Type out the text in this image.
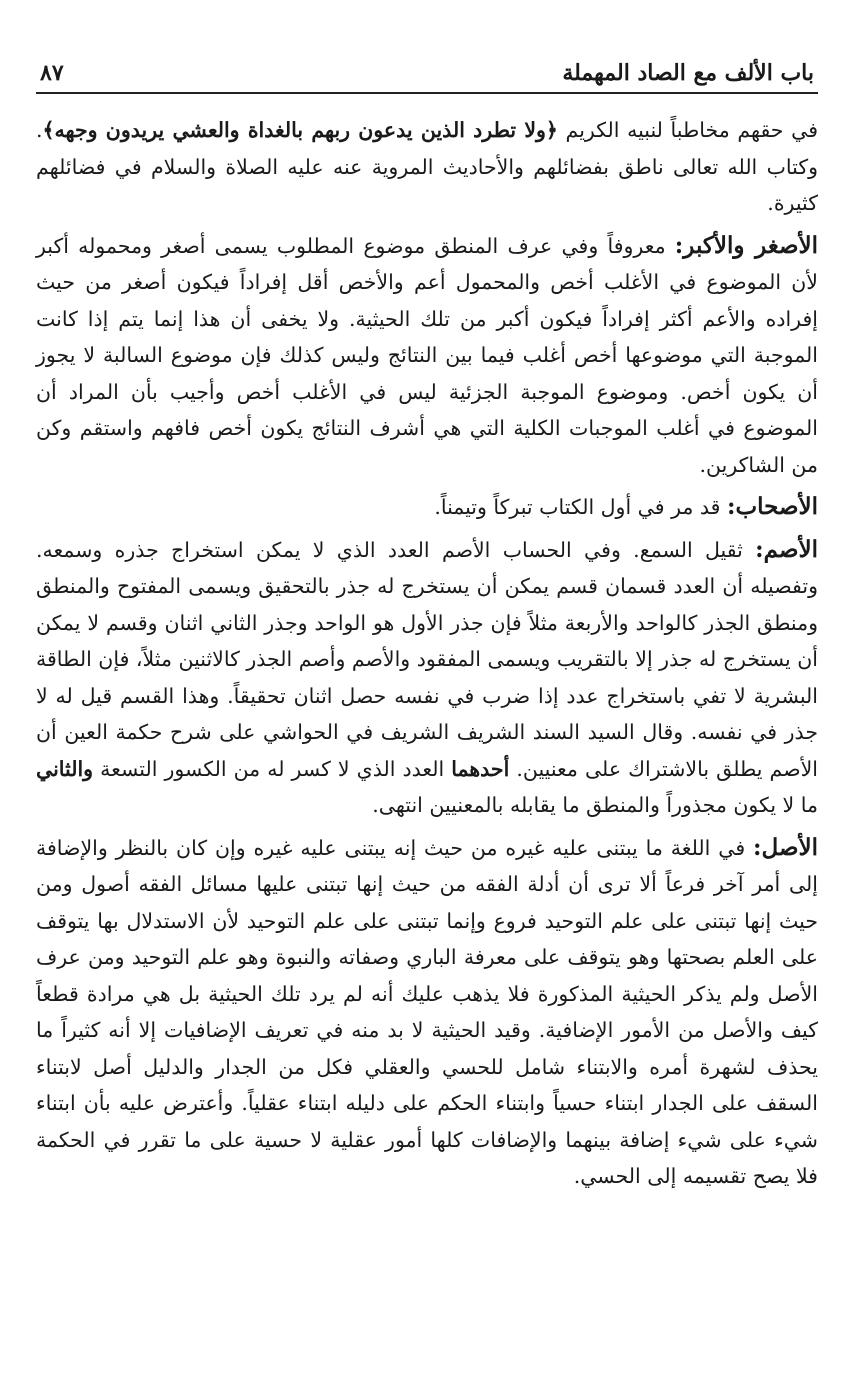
باب الألف مع الصاد المهملة
٨٧

في حقهم مخاطباً لنبيه الكريم ﴿ولا تطرد الذين يدعون ربهم بالغداة والعشي يريدون وجهه﴾. وكتاب الله تعالى ناطق بفضائلهم والأحاديث المروية عنه عليه الصلاة والسلام في فضائلهم كثيرة.

الأصغر والأكبر: معروفاً وفي عرف المنطق موضوع المطلوب يسمى أصغر ومحموله أكبر لأن الموضوع في الأغلب أخص والمحمول أعم والأخص أقل إفراداً فيكون أصغر من حيث إفراده والأعم أكثر إفراداً فيكون أكبر من تلك الحيثية. ولا يخفى أن هذا إنما يتم إذا كانت الموجبة التي موضوعها أخص أغلب فيما بين النتائج وليس كذلك فإن موضوع السالبة لا يجوز أن يكون أخص. وموضوع الموجبة الجزئية ليس في الأغلب أخص وأجيب بأن المراد أن الموضوع في أغلب الموجبات الكلية التي هي أشرف النتائج يكون أخص فافهم واستقم وكن من الشاكرين.

الأصحاب: قد مر في أول الكتاب تبركاً وتيمناً.

الأصم: ثقيل السمع. وفي الحساب الأصم العدد الذي لا يمكن استخراج جذره وسمعه. وتفصيله أن العدد قسمان قسم يمكن أن يستخرج له جذر بالتحقيق ويسمى المفتوح والمنطق ومنطق الجذر كالواحد والأربعة مثلاً فإن جذر الأول هو الواحد وجذر الثاني اثنان وقسم لا يمكن أن يستخرج له جذر إلا بالتقريب ويسمى المفقود والأصم وأصم الجذر كالاثنين مثلاً، فإن الطاقة البشرية لا تفي باستخراج عدد إذا ضرب في نفسه حصل اثنان تحقيقاً. وهذا القسم قيل له لا جذر في نفسه. وقال السيد السند الشريف الشريف في الحواشي على شرح حكمة العين أن الأصم يطلق بالاشتراك على معنيين. أحدهما العدد الذي لا كسر له من الكسور التسعة والثاني ما لا يكون مجذوراً والمنطق ما يقابله بالمعنيين انتهى.

الأصل: في اللغة ما يبتنى عليه غيره من حيث إنه يبتنى عليه غيره وإن كان بالنظر والإضافة إلى أمر آخر فرعاً ألا ترى أن أدلة الفقه من حيث إنها تبتنى عليها مسائل الفقه أصول ومن حيث إنها تبتنى على علم التوحيد فروع وإنما تبتنى على علم التوحيد لأن الاستدلال بها يتوقف على العلم بصحتها وهو يتوقف على معرفة الباري وصفاته والنبوة وهو علم التوحيد ومن عرف الأصل ولم يذكر الحيثية المذكورة فلا يذهب عليك أنه لم يرد تلك الحيثية بل هي مرادة قطعاً كيف والأصل من الأمور الإضافية. وقيد الحيثية لا بد منه في تعريف الإضافيات إلا أنه كثيراً ما يحذف لشهرة أمره والابتناء شامل للحسي والعقلي فكل من الجدار والدليل أصل لابتناء السقف على الجدار ابتناء حسياً وابتناء الحكم على دليله ابتناء عقلياً. وأعترض عليه بأن ابتناء شيء على شيء إضافة بينهما والإضافات كلها أمور عقلية لا حسية على ما تقرر في الحكمة فلا يصح تقسيمه إلى الحسي.
